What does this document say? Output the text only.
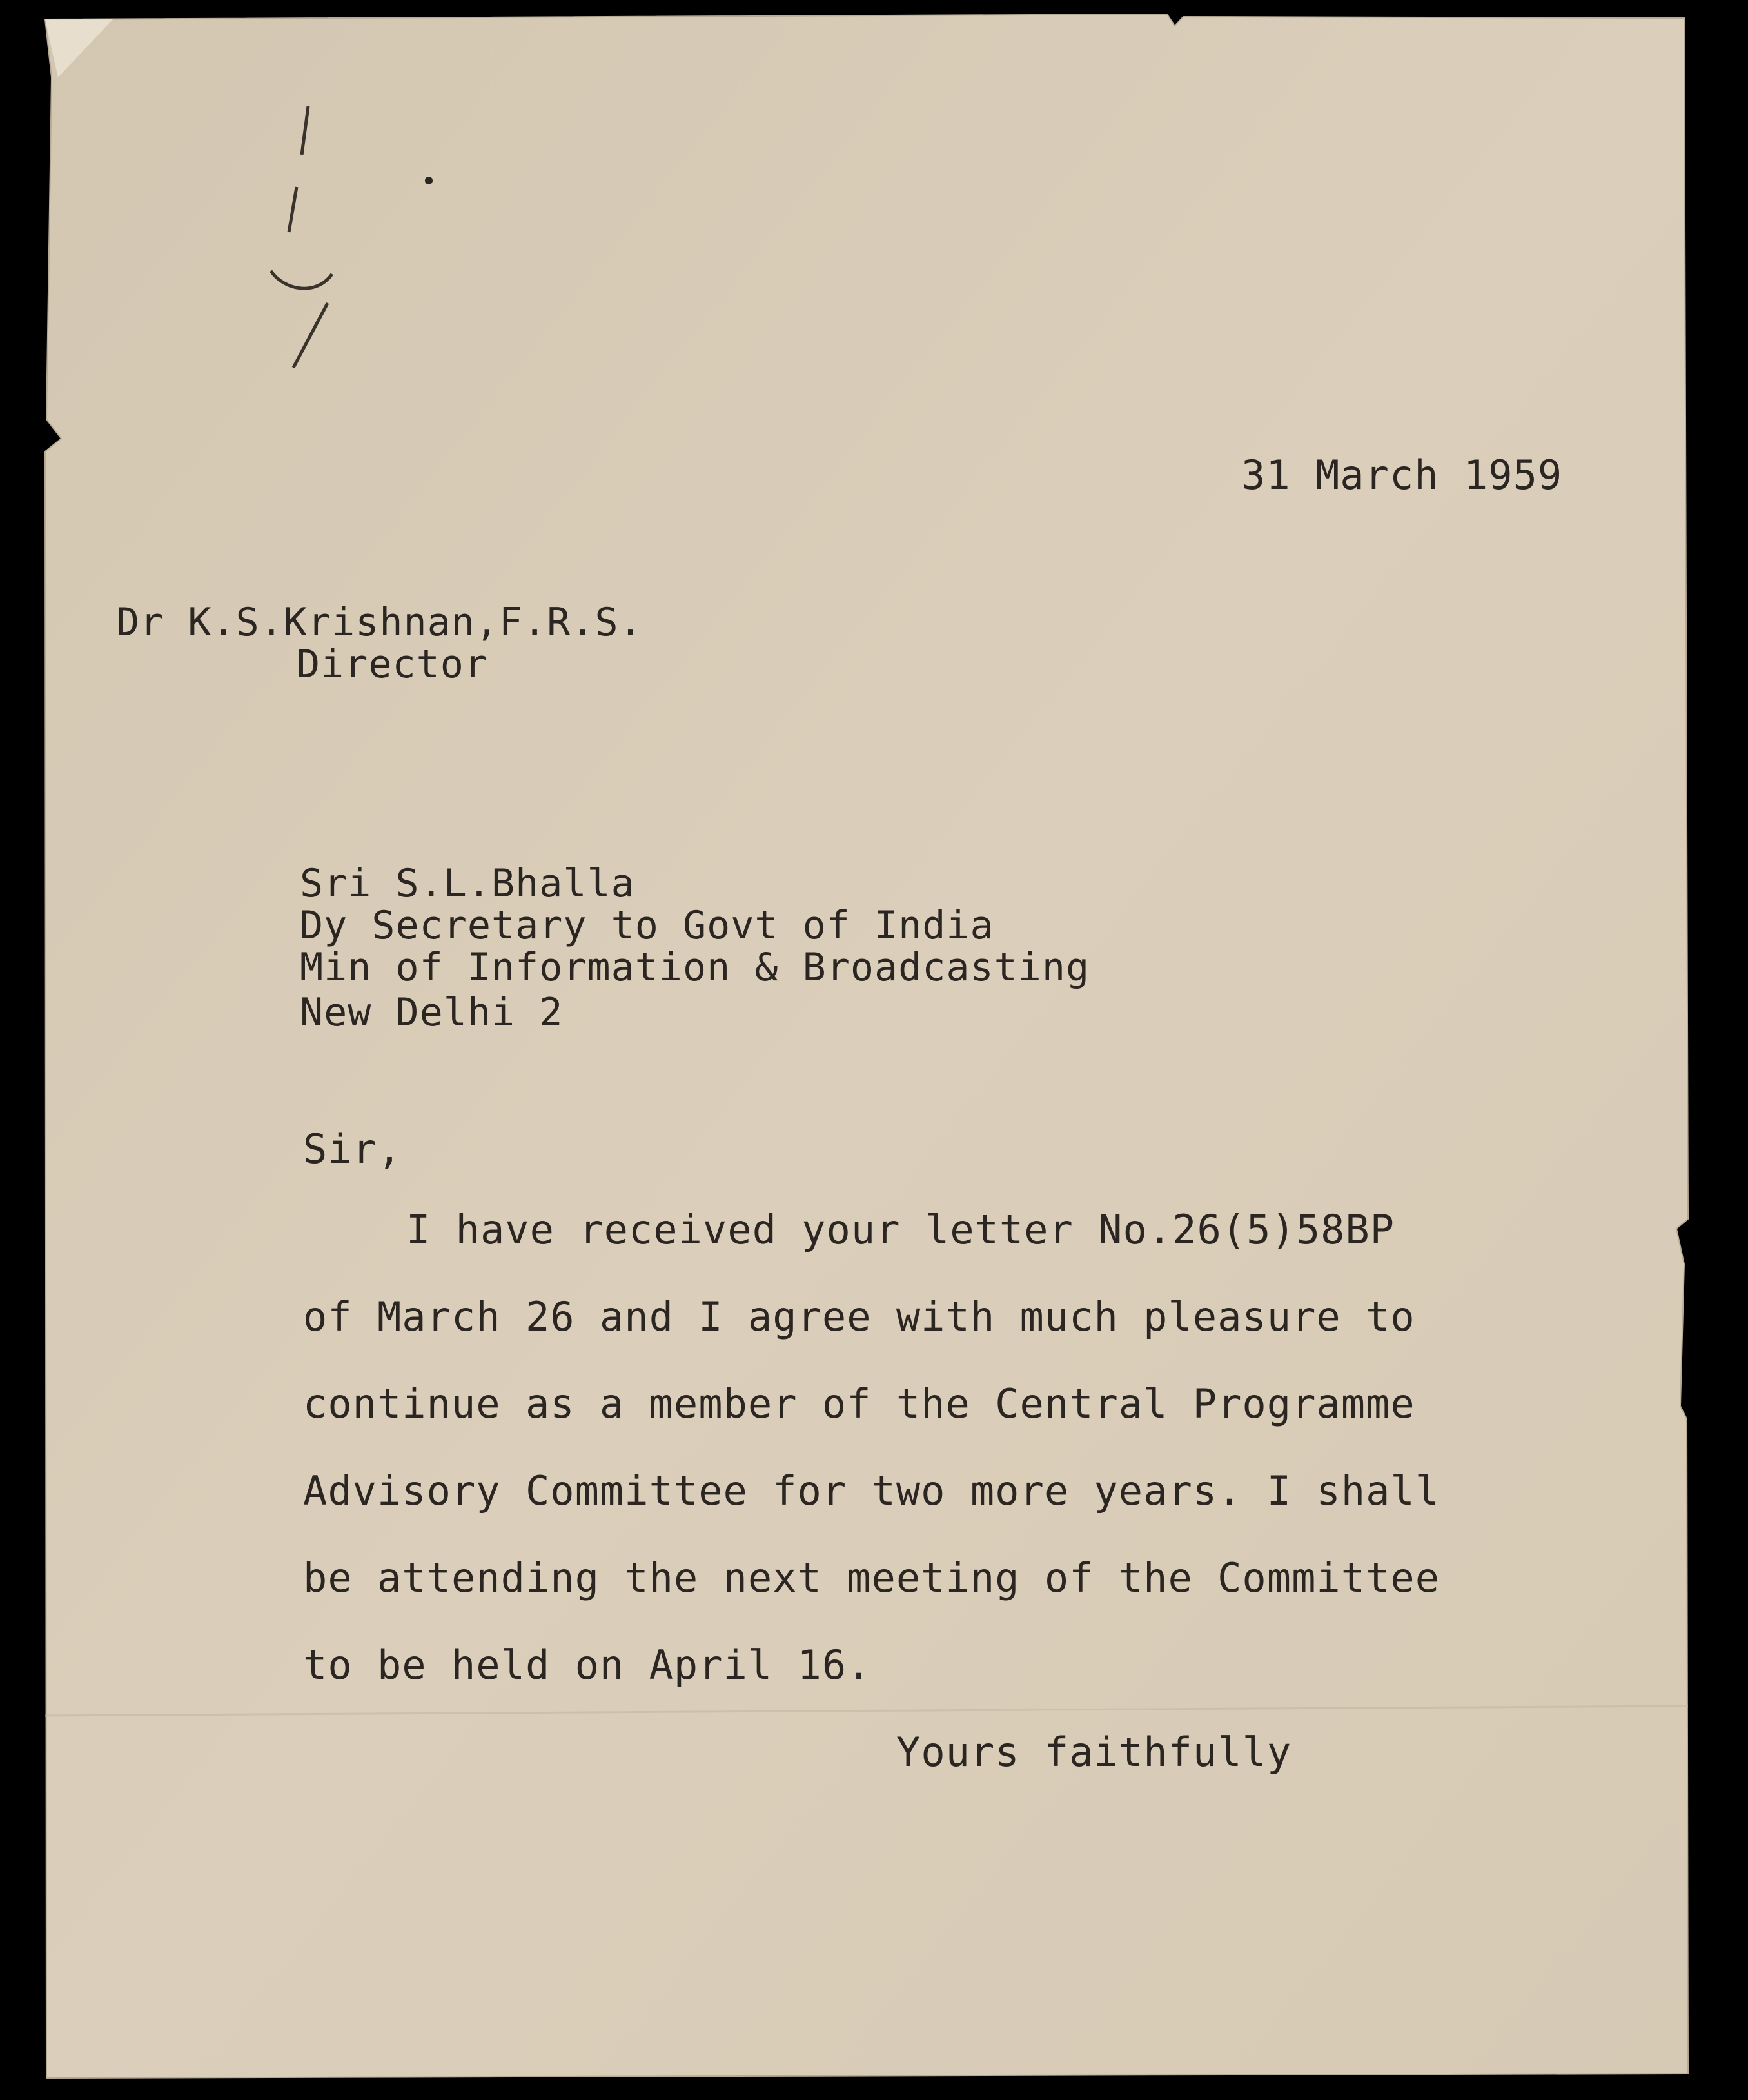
31 March 1959
Dr K.S.Krishnan,F.R.S.
Director
Sri S.L.Bhalla
Dy Secretary to Govt of India
Min of Information & Broadcasting
New Delhi 2
Sir,
I have received your letter No.26(5)58BP
of March 26 and I agree with much pleasure to
continue as a member of the Central Programme
Advisory Committee for two more years. I shall
be attending the next meeting of the Committee
to be held on April 16.
Yours faithfully
